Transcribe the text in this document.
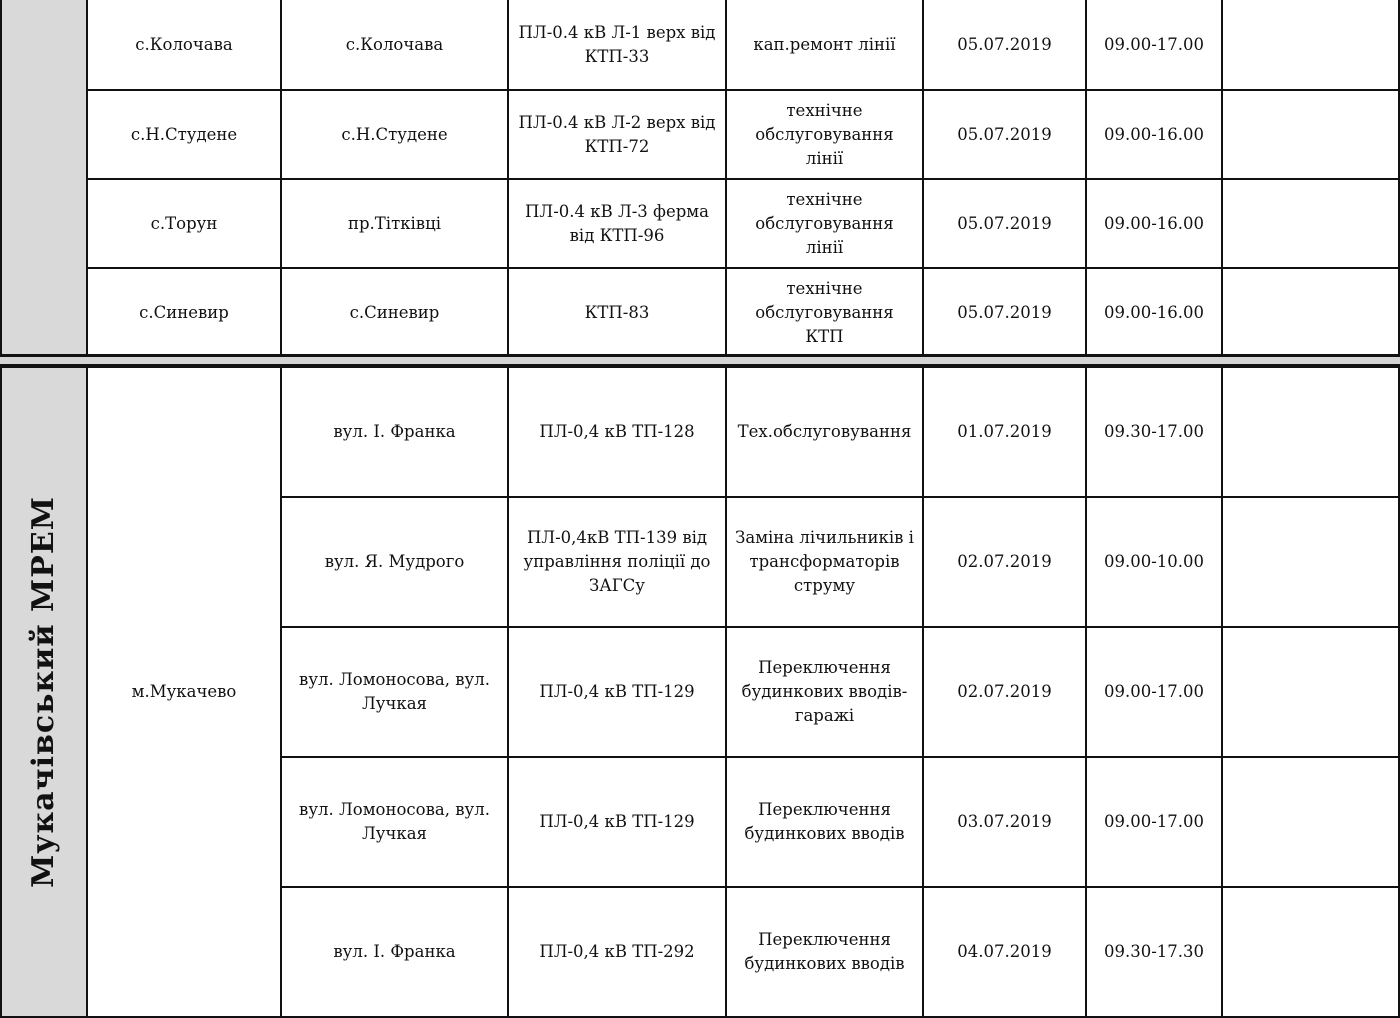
	с.Колочава	с.Колочава	ПЛ-0.4 кВ Л-1 верх від КТП-33	кап.ремонт лінії	05.07.2019	09.00-17.00	
	с.Н.Студене	с.Н.Студене	ПЛ-0.4 кВ Л-2 верх від КТП-72	технічне обслуговування лінії	05.07.2019	09.00-16.00	
	с.Торун	пр.Тітківці	ПЛ-0.4 кВ Л-3 ферма від КТП-96	технічне обслуговування лінії	05.07.2019	09.00-16.00	
	с.Синевир	с.Синевир	КТП-83	технічне обслуговування КТП	05.07.2019	09.00-16.00	
Мукачівський МРЕМ	м.Мукачево	вул. І. Франка	ПЛ-0,4 кВ ТП-128	Тех.обслуговування	01.07.2019	09.30-17.00	
		вул. Я. Мудрого	ПЛ-0,4кВ ТП-139 від управління поліції до ЗАГСу	Заміна лічильників і трансформаторів струму	02.07.2019	09.00-10.00	
		вул. Ломоносова, вул. Лучкая	ПЛ-0,4 кВ ТП-129	Переключення будинкових вводів-гаражі	02.07.2019	09.00-17.00	
		вул. Ломоносова, вул. Лучкая	ПЛ-0,4 кВ ТП-129	Переключення будинкових вводів	03.07.2019	09.00-17.00	
		вул. І. Франка	ПЛ-0,4 кВ ТП-292	Переключення будинкових вводів	04.07.2019	09.30-17.30	
